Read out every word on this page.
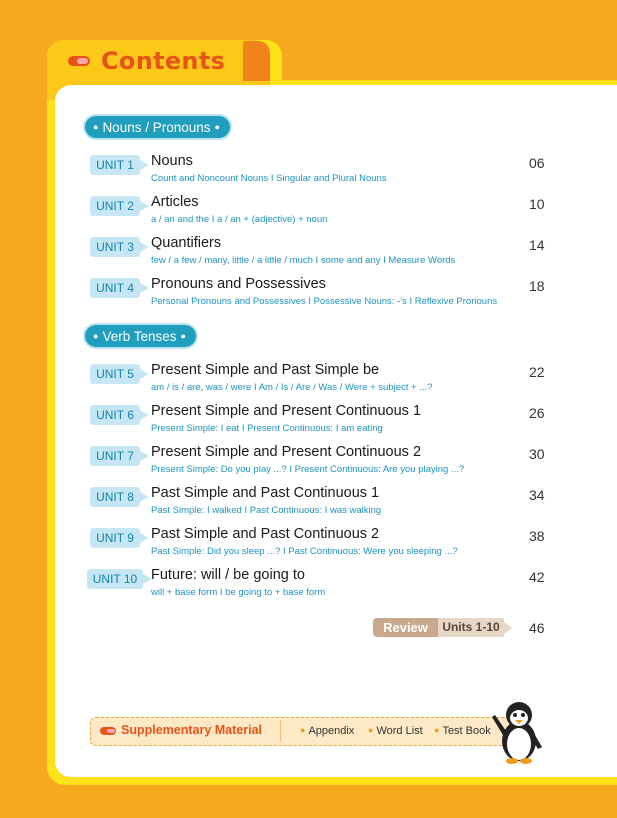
Contents
● Nouns / Pronouns ●
UNIT 1	Nouns
Count and Noncount Nouns I Singular and Plural Nouns
06
UNIT 2	Articles
a / an and the I a / an + (adjective) + noun
10
UNIT 3	Quantifiers
few / a few / many, little / a little / much I some and any I Measure Words
14
UNIT 4	Pronouns and Possessives
Personal Pronouns and Possessives I Possessive Nouns: -'s I Reflexive Pronouns
18
● Verb Tenses ●
UNIT 5	Present Simple and Past Simple be
am / is / are, was / were I Am / Is / Are / Was / Were + subject + ...?
22
UNIT 6	Present Simple and Present Continuous 1
Present Simple: I eat I Present Continuous: I am eating
26
UNIT 7	Present Simple and Present Continuous 2
Present Simple: Do you play ...? I Present Continuous: Are you playing ...?
30
UNIT 8	Past Simple and Past Continuous 1
Past Simple: I walked I Past Continuous: I was walking
34
UNIT 9	Past Simple and Past Continuous 2
Past Simple: Did you sleep ...? I Past Continuous: Were you sleeping ...?
38
UNIT 10 Future: will / be going to
will + base form I be going to + base form
42
Review	Units 1-10	46
Supplementary Material	● Appendix ● Word List ● Test Book
